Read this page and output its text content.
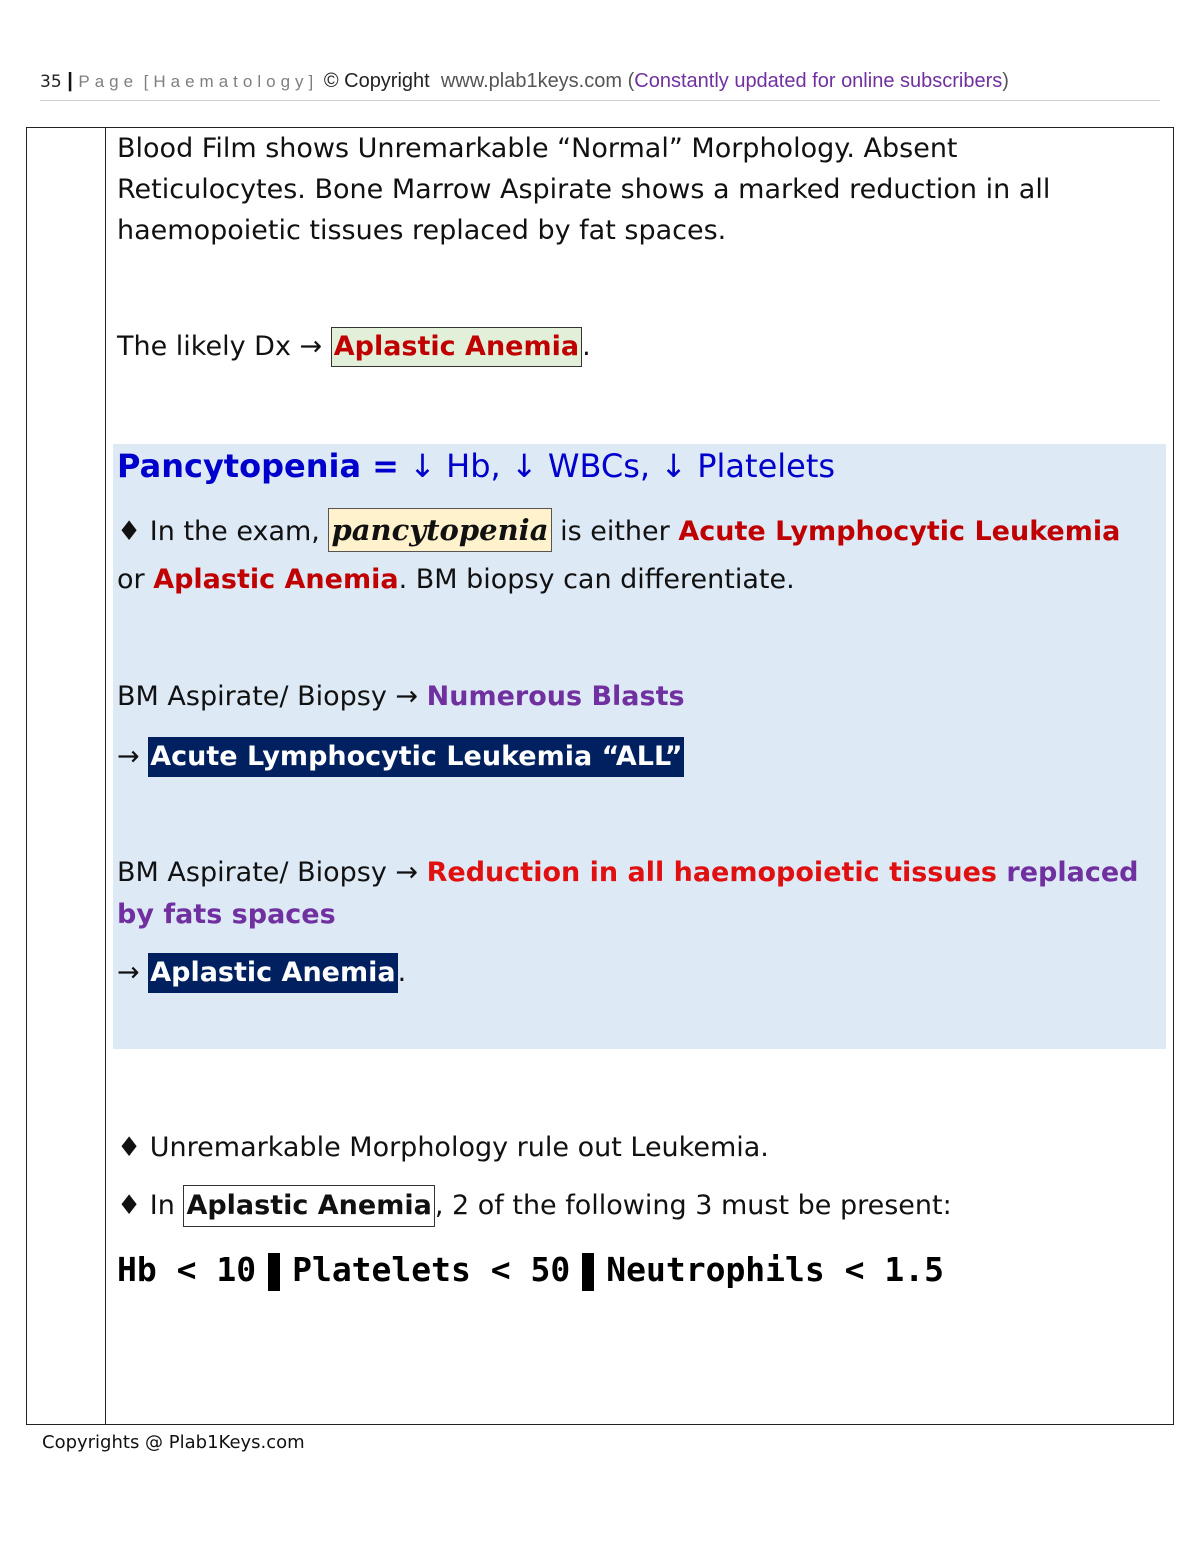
35 | Page [Haematology] © Copyright www.plab1keys.com (Constantly updated for online subscribers)
Blood Film shows Unremarkable “Normal” Morphology. Absent Reticulocytes. Bone Marrow Aspirate shows a marked reduction in all haemopoietic tissues replaced by fat spaces.
The likely Dx → Aplastic Anemia .
Pancytopenia = ↓ Hb, ↓ WBCs, ↓ Platelets
♦ In the exam, pancytopenia is either Acute Lymphocytic Leukemia or Aplastic Anemia. BM biopsy can differentiate.
BM Aspirate/ Biopsy → Numerous Blasts
→ Acute Lymphocytic Leukemia “ALL”
BM Aspirate/ Biopsy → Reduction in all haemopoietic tissues replaced by fats spaces
→ Aplastic Anemia.
♦ Unremarkable Morphology rule out Leukemia.
♦ In Aplastic Anemia , 2 of the following 3 must be present:
Hb < 10 Platelets < 50 Neutrophils < 1.5
Copyrights @ Plab1Keys.com
